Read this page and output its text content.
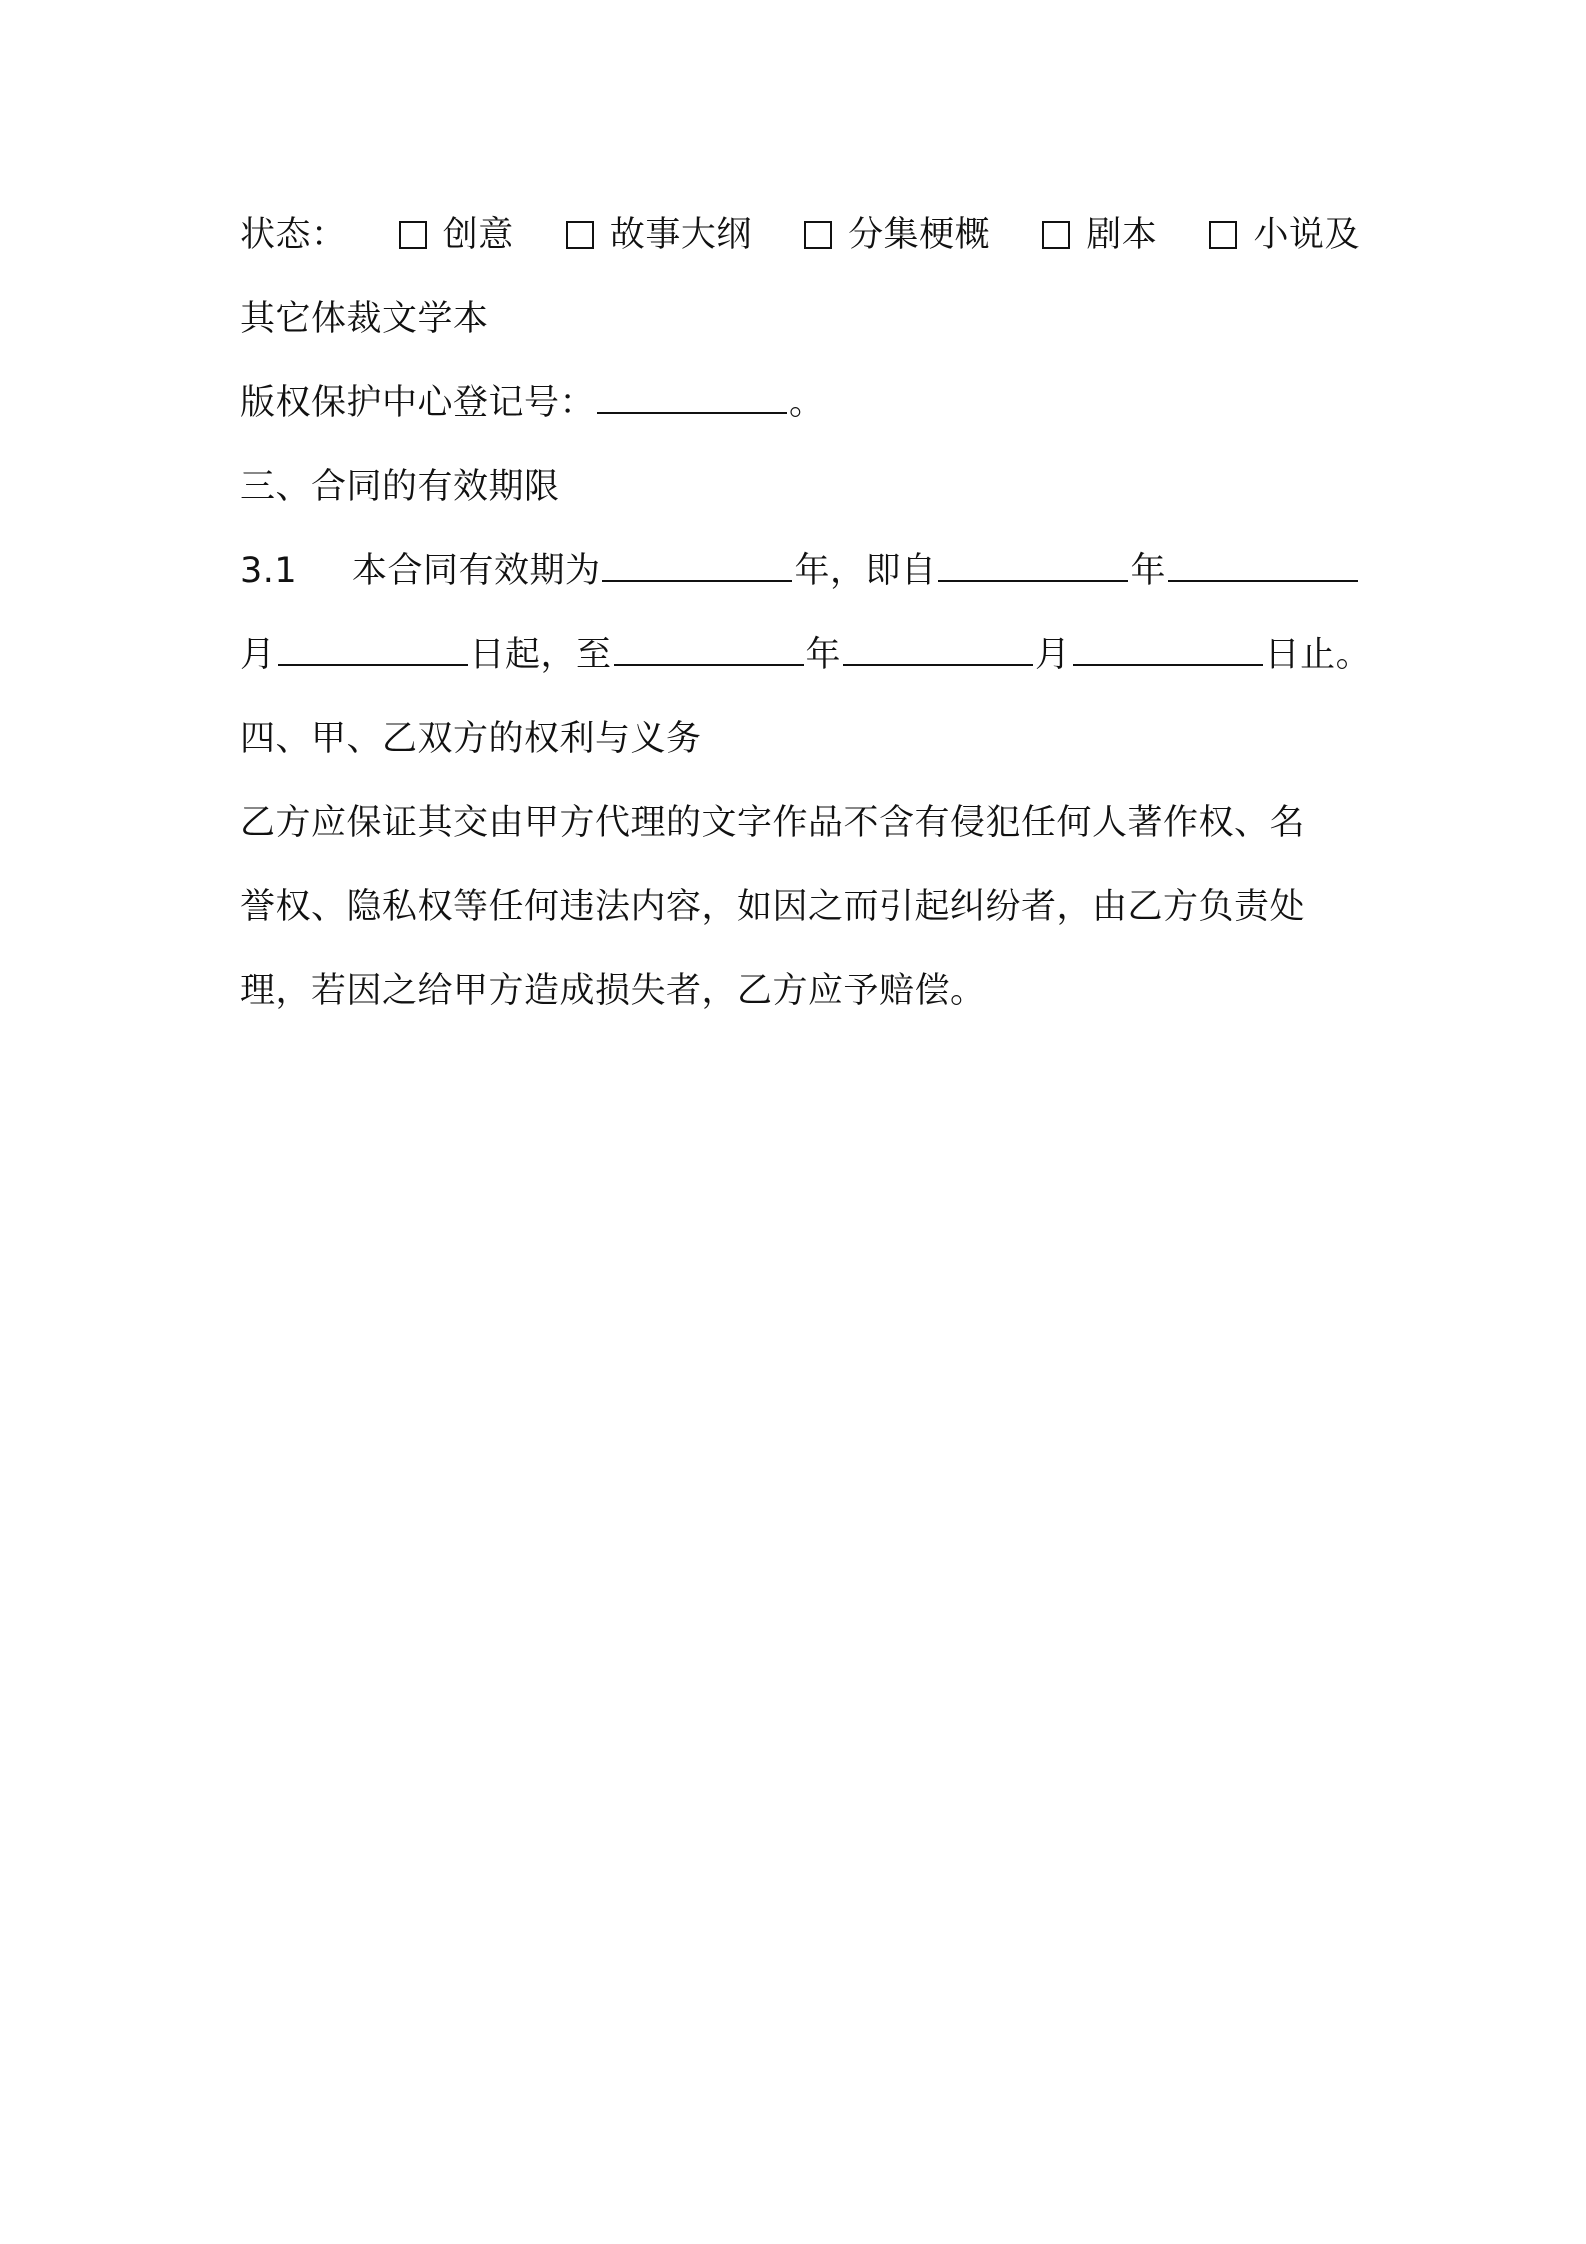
状态：	创意	故事大纲	分集梗概	剧本	小说及
其它体裁文学本
版权保护中心登记号：	。
三、合同的有效期限
3.1 本合同有效期为	年，即自	年
月	日起，至	年	月	日止。
四、甲、乙双方的权利与义务
乙方应保证其交由甲方代理的文字作品不含有侵犯任何人著作权、名
誉权、隐私权等任何违法内容，如因之而引起纠纷者，由乙方负责处
理，若因之给甲方造成损失者，乙方应予赔偿。
